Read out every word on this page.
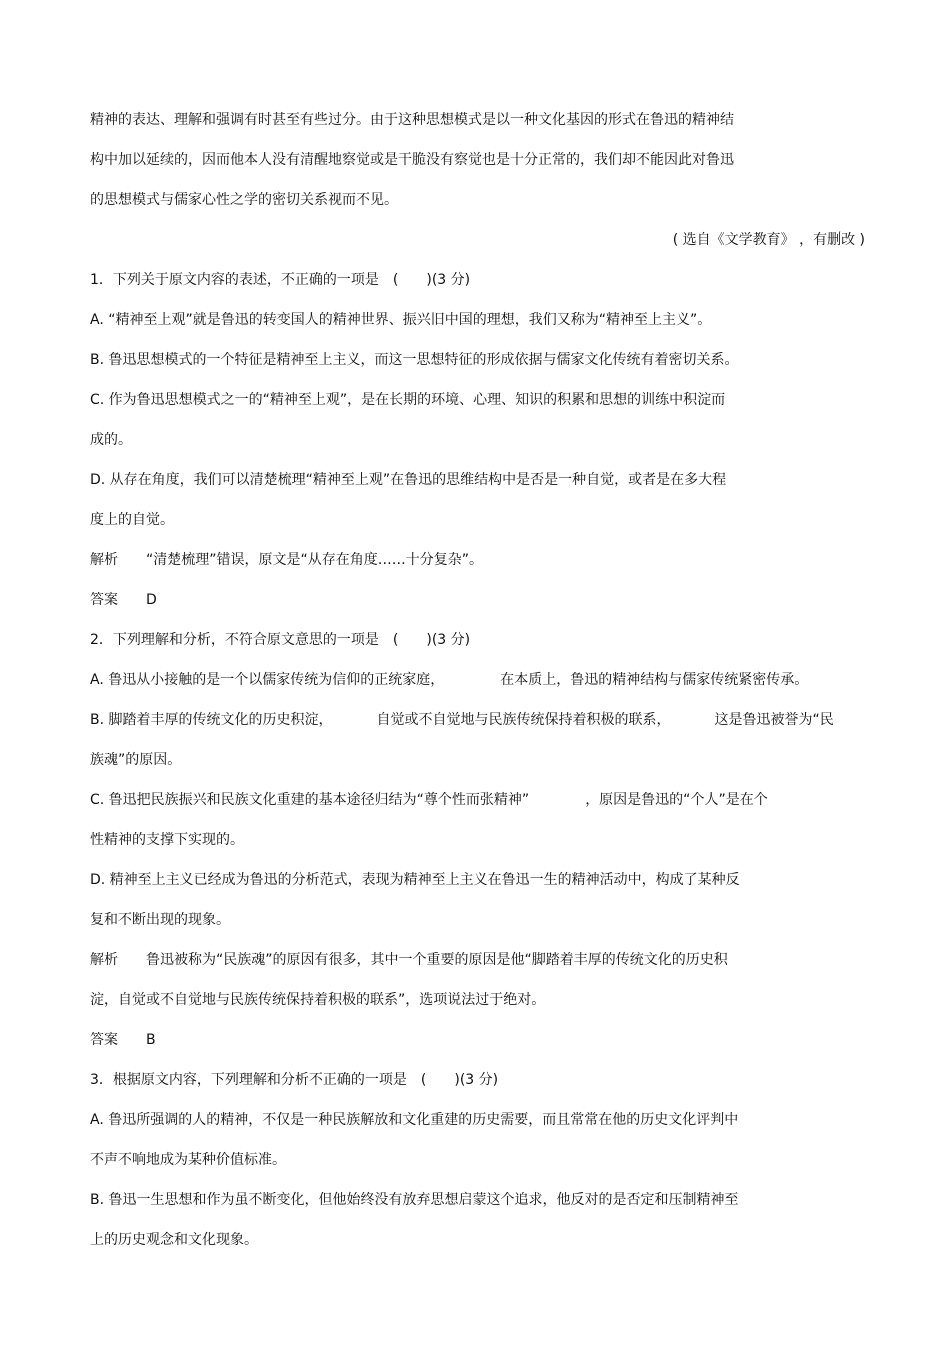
精神的表达、理解和强调有时甚至有些过分。由于这种思想模式是以一种文化基因的形式在鲁迅的精神结
构中加以延续的，因而他本人没有清醒地察觉或是干脆没有察觉也是十分正常的，我们却不能因此对鲁迅
的思想模式与儒家心性之学的密切关系视而不见。
( 选自《文学教育》 ，有删改 )
1．下列关于原文内容的表述，不正确的一项是 (　　)(3 分)
A. “精神至上观”就是鲁迅的转变国人的精神世界、振兴旧中国的理想，我们又称为“精神至上主义”。
B. 鲁迅思想模式的一个特征是精神至上主义，而这一思想特征的形成依据与儒家文化传统有着密切关系。
C. 作为鲁迅思想模式之一的“精神至上观”，是在长期的环境、心理、知识的积累和思想的训练中积淀而
成的。
D. 从存在角度，我们可以清楚梳理“精神至上观”在鲁迅的思维结构中是否是一种自觉，或者是在多大程
度上的自觉。
解析 “清楚梳理”错误，原文是“从存在角度……十分复杂”。
答案 D
2．下列理解和分析，不符合原文意思的一项是 (　　)(3 分)
A. 鲁迅从小接触的是一个以儒家传统为信仰的正统家庭，	在本质上，鲁迅的精神结构与儒家传统紧密传承。
B. 脚踏着丰厚的传统文化的历史积淀，	自觉或不自觉地与民族传统保持着积极的联系，	这是鲁迅被誉为“民
族魂”的原因。
C. 鲁迅把民族振兴和民族文化重建的基本途径归结为“尊个性而张精神”	，原因是鲁迅的“个人”是在个
性精神的支撑下实现的。
D. 精神至上主义已经成为鲁迅的分析范式，表现为精神至上主义在鲁迅一生的精神活动中，构成了某种反
复和不断出现的现象。
解析 鲁迅被称为“民族魂”的原因有很多，其中一个重要的原因是他“脚踏着丰厚的传统文化的历史积
淀，自觉或不自觉地与民族传统保持着积极的联系”，选项说法过于绝对。
答案 B
3．根据原文内容，下列理解和分析不正确的一项是 (　　)(3 分)
A. 鲁迅所强调的人的精神，不仅是一种民族解放和文化重建的历史需要，而且常常在他的历史文化评判中
不声不响地成为某种价值标准。
B. 鲁迅一生思想和作为虽不断变化，但他始终没有放弃思想启蒙这个追求，他反对的是否定和压制精神至
上的历史观念和文化现象。
